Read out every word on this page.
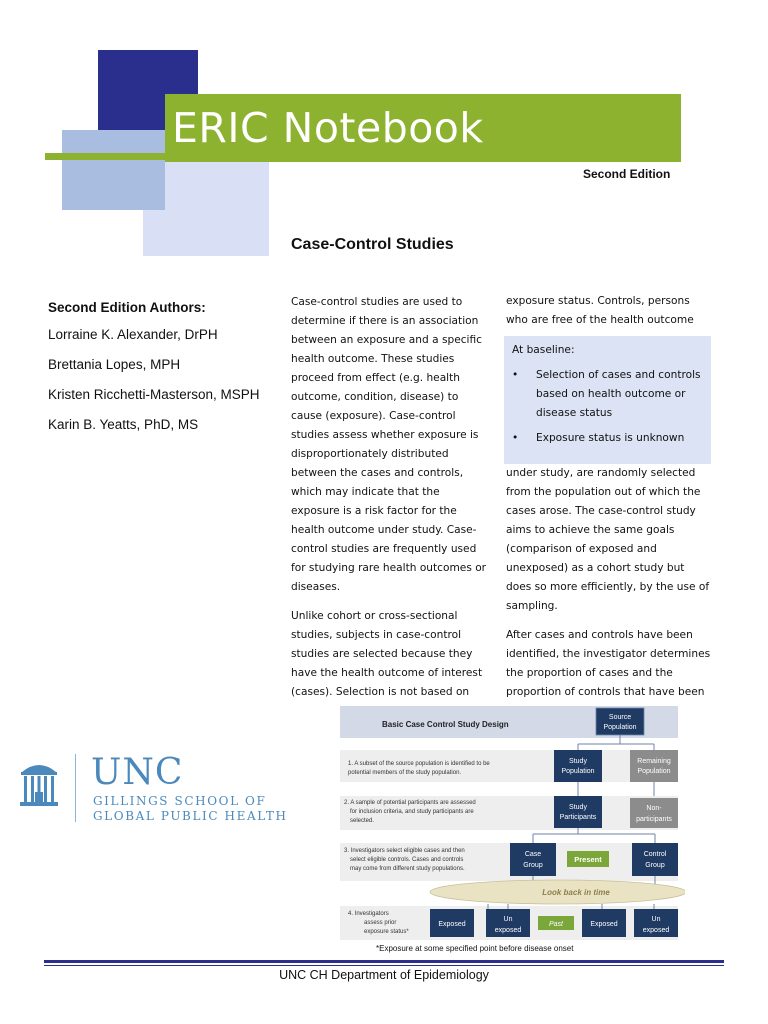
ERIC Notebook
Second Edition
Case-Control Studies
Second Edition Authors:
Lorraine K. Alexander, DrPH
Brettania Lopes, MPH
Kristen Ricchetti-Masterson, MSPH
Karin B. Yeatts, PhD, MS

Case-control studies are used to determine if there is an association between an exposure and a specific health outcome. These studies proceed from effect (e.g. health outcome, condition, disease) to cause (exposure). Case-control studies assess whether exposure is disproportionately distributed between the cases and controls, which may indicate that the exposure is a risk factor for the health outcome under study. Case-control studies are frequently used for studying rare health outcomes or diseases.

Unlike cohort or cross-sectional studies, subjects in case-control studies are selected because they have the health outcome of interest (cases). Selection is not based on

exposure status. Controls, persons who are free of the health outcome

At baseline:
•	Selection of cases and controls based on health outcome or disease status
•	Exposure status is unknown

under study, are randomly selected from the population out of which the cases arose. The case-control study aims to achieve the same goals (comparison of exposed and unexposed) as a cohort study but does so more efficiently, by the use of sampling.

After cases and controls have been identified, the investigator determines the proportion of cases and the proportion of controls that have been

UNC
GILLINGS SCHOOL OF
GLOBAL PUBLIC HEALTH
Look back in time
Basic Case Control Study Design
Source
Population
1. A subset of the source population is identified to be
potential members of the study population.
Study
Population
Remaining
Population
2. A sample of potential participants are assessed
for inclusion criteria, and study participants are
selected.
Study
Participants
Non-
participants
3. Investigators select eligible cases and then
select eligible controls. Cases and controls
may come from different study populations.
Case
Group
Present
Control
Group
4. Investigators
assess prior
exposure status*
Exposed
Un
exposed
Past	Exposed
Un
exposed
*Exposure at some specified point before disease onset
UNC CH Department of Epidemiology
